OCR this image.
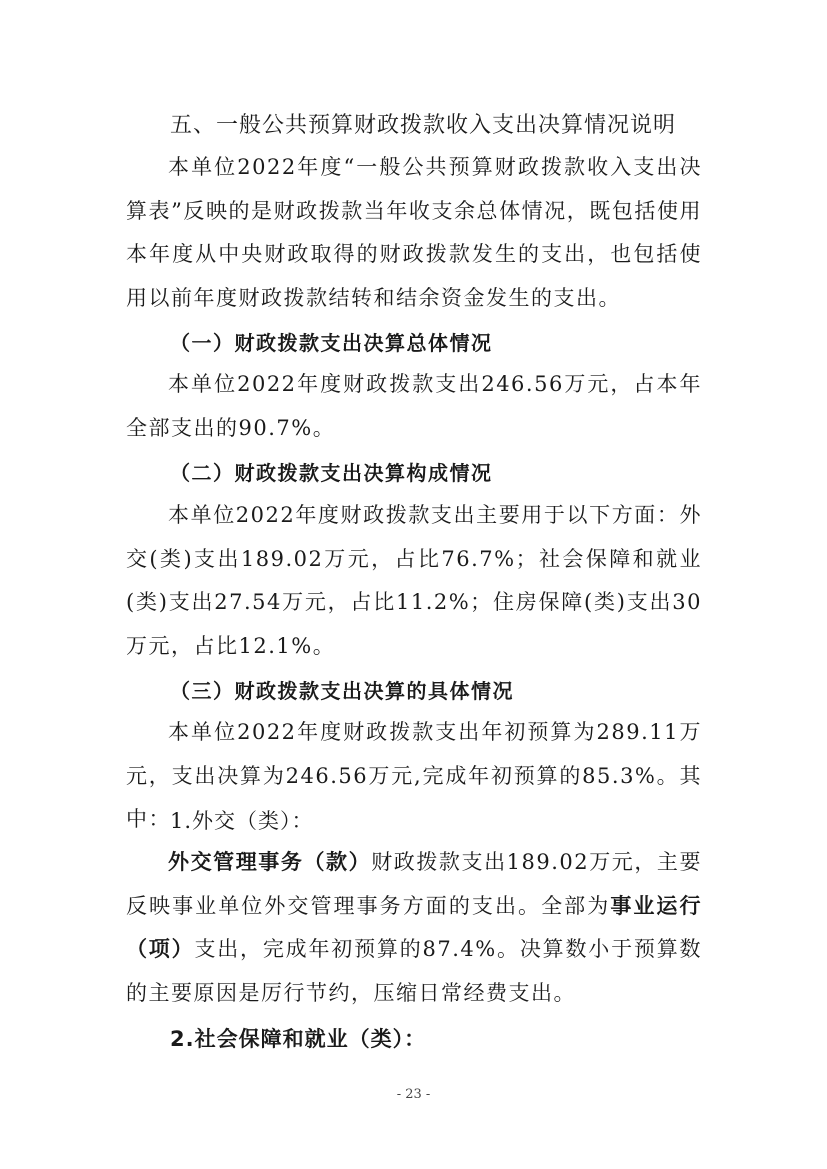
五、一般公共预算财政拨款收入支出决算情况说明
本单位2022年度“一般公共预算财政拨款收入支出决算表”反映的是财政拨款当年收支余总体情况，既包括使用本年度从中央财政取得的财政拨款发生的支出，也包括使用以前年度财政拨款结转和结余资金发生的支出。
（一）财政拨款支出决算总体情况
本单位2022年度财政拨款支出246.56万元，占本年全部支出的90.7%。
（二）财政拨款支出决算构成情况
本单位2022年度财政拨款支出主要用于以下方面：外交(类)支出189.02万元，占比76.7%；社会保障和就业(类)支出27.54万元，占比11.2%；住房保障(类)支出30万元，占比12.1%。
（三）财政拨款支出决算的具体情况
本单位2022年度财政拨款支出年初预算为289.11万元，支出决算为246.56万元,完成年初预算的85.3%。其中： 1.外交（类）：
外交管理事务（款）财政拨款支出189.02万元，主要反映事业单位外交管理事务方面的支出。全部为事业运行（项）支出，完成年初预算的87.4%。决算数小于预算数的主要原因是厉行节约，压缩日常经费支出。
2.社会保障和就业（类）：
- 23 -
